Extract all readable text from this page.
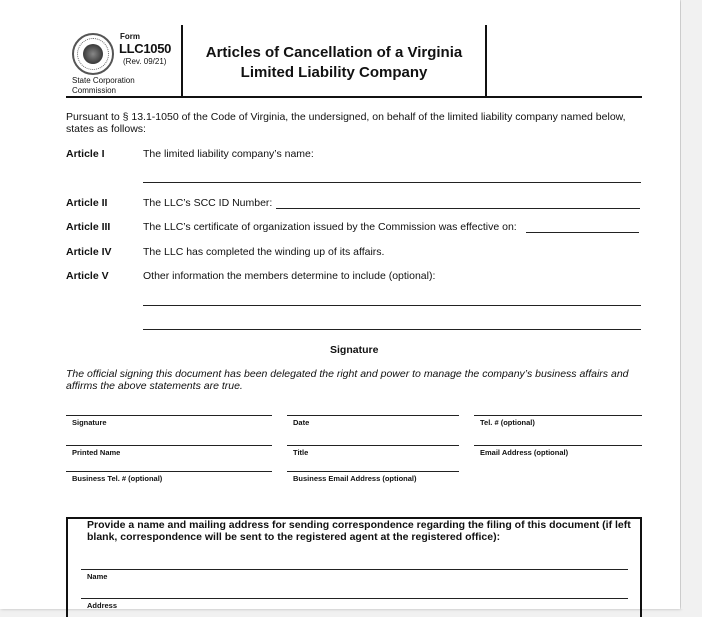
Form
LLC1050
(Rev. 09/21)
State Corporation
Commission
Articles of Cancellation of a Virginia
Limited Liability Company
Pursuant to § 13.1-1050 of the Code of Virginia, the undersigned, on behalf of the limited liability company named below, states as follows:
Article I	The limited liability company’s name:
Article II	The LLC’s SCC ID Number:
Article III	The LLC’s certificate of organization issued by the Commission was effective on:
Article IV	The LLC has completed the winding up of its affairs.
Article V	Other information the members determine to include (optional):
Signature
The official signing this document has been delegated the right and power to manage the company’s business affairs and affirms the above statements are true.
Signature	Date	Tel. # (optional)
Printed Name	Title	Email Address (optional)
Business Tel. # (optional)	Business Email Address (optional)
Provide a name and mailing address for sending correspondence regarding the filing of this document (if left blank, correspondence will be sent to the registered agent at the registered office):
Name
Address
